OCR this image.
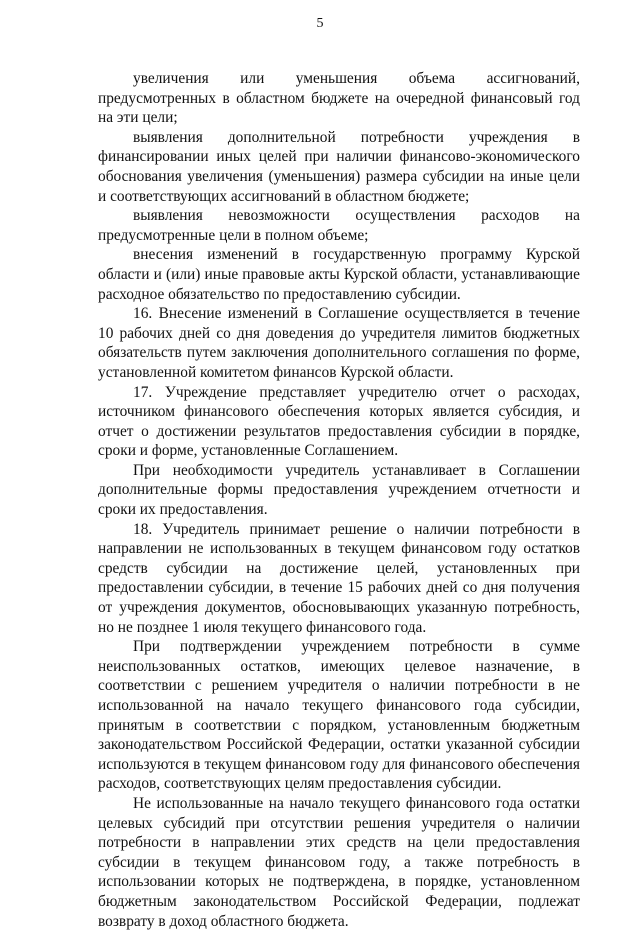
5

увеличения или уменьшения объема ассигнований, предусмотренных в областном бюджете на очередной финансовый год на эти цели;

выявления дополнительной потребности учреждения в финансировании иных целей при наличии финансово-экономического обоснования увеличения (уменьшения) размера субсидии на иные цели и соответствующих ассигнований в областном бюджете;

выявления невозможности осуществления расходов на предусмотренные цели в полном объеме;

внесения изменений в государственную программу Курской области и (или) иные правовые акты Курской области, устанавливающие расходное обязательство по предоставлению субсидии.

16. Внесение изменений в Соглашение осуществляется в течение 10 рабочих дней со дня доведения до учредителя лимитов бюджетных обязательств путем заключения дополнительного соглашения по форме, установленной комитетом финансов Курской области.

17. Учреждение представляет учредителю отчет о расходах, источником финансового обеспечения которых является субсидия, и отчет о достижении результатов предоставления субсидии в порядке, сроки и форме, установленные Соглашением.

При необходимости учредитель устанавливает в Соглашении дополнительные формы предоставления учреждением отчетности и сроки их предоставления.

18. Учредитель принимает решение о наличии потребности в направлении не использованных в текущем финансовом году остатков средств субсидии на достижение целей, установленных при предоставлении субсидии, в течение 15 рабочих дней со дня получения от учреждения документов, обосновывающих указанную потребность, но не позднее 1 июля текущего финансового года.

При подтверждении учреждением потребности в сумме неиспользованных остатков, имеющих целевое назначение, в соответствии с решением учредителя о наличии потребности в не использованной на начало текущего финансового года субсидии, принятым в соответствии с порядком, установленным бюджетным законодательством Российской Федерации, остатки указанной субсидии используются в текущем финансовом году для финансового обеспечения расходов, соответствующих целям предоставления субсидии.

Не использованные на начало текущего финансового года остатки целевых субсидий при отсутствии решения учредителя о наличии потребности в направлении этих средств на цели предоставления субсидии в текущем финансовом году, а также потребность в использовании которых не подтверждена, в порядке, установленном бюджетным законодательством Российской Федерации, подлежат возврату в доход областного бюджета.
